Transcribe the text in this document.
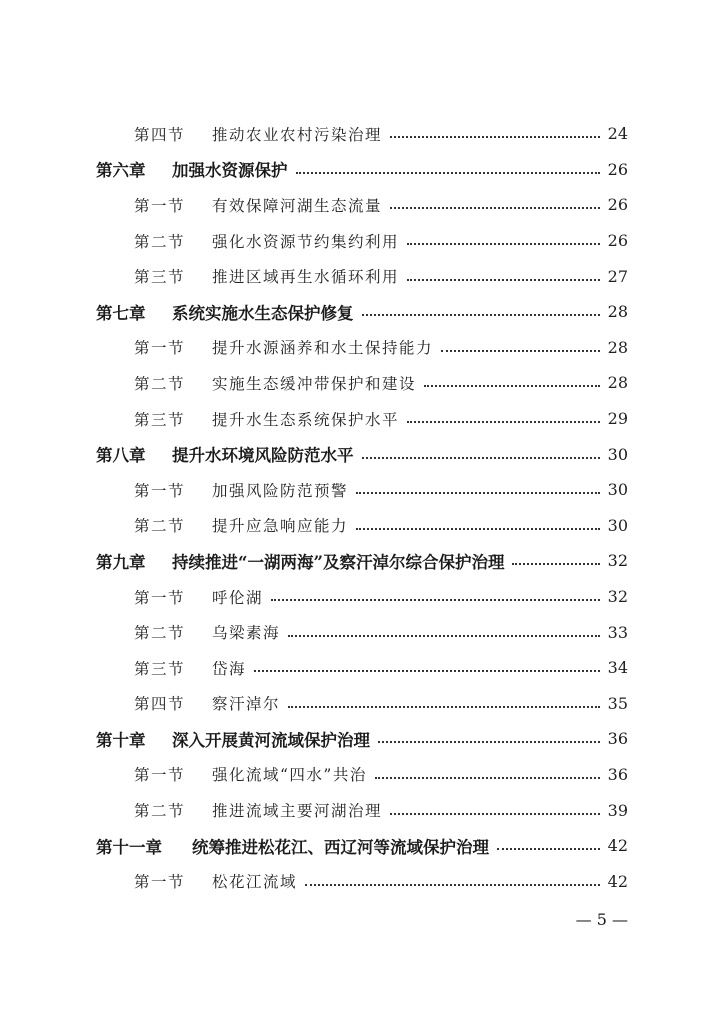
第四节	推动农业农村污染治理	24
第六章	加强水资源保护	26
第一节	有效保障河湖生态流量	26
第二节	强化水资源节约集约利用	26
第三节	推进区域再生水循环利用	27
第七章	系统实施水生态保护修复	28
第一节	提升水源涵养和水土保持能力	28
第二节	实施生态缓冲带保护和建设	28
第三节	提升水生态系统保护水平	29
第八章	提升水环境风险防范水平	30
第一节	加强风险防范预警	30
第二节	提升应急响应能力	30
第九章	持续推进“一湖两海”及察汗淖尔综合保护治理	32
第一节	呼伦湖	32
第二节	乌梁素海	33
第三节	岱海	34
第四节	察汗淖尔	35
第十章	深入开展黄河流域保护治理	36
第一节	强化流域“四水”共治	36
第二节	推进流域主要河湖治理	39
第十一章	统筹推进松花江、西辽河等流域保护治理	42
第一节	松花江流域	42
— 5 —
